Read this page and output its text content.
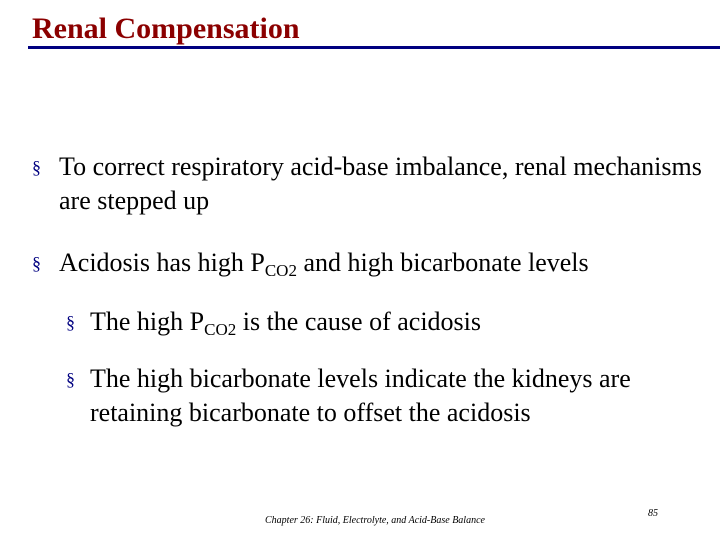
Renal Compensation
§ To correct respiratory acid-base imbalance, renal mechanisms are stepped up
§ Acidosis has high $P_{CO2}$ and high bicarbonate levels
§ The high $P_{CO2}$ is the cause of acidosis
§ The high bicarbonate levels indicate the kidneys are retaining bicarbonate to offset the acidosis
Chapter 26: Fluid, Electrolyte, and Acid-Base Balance
85
